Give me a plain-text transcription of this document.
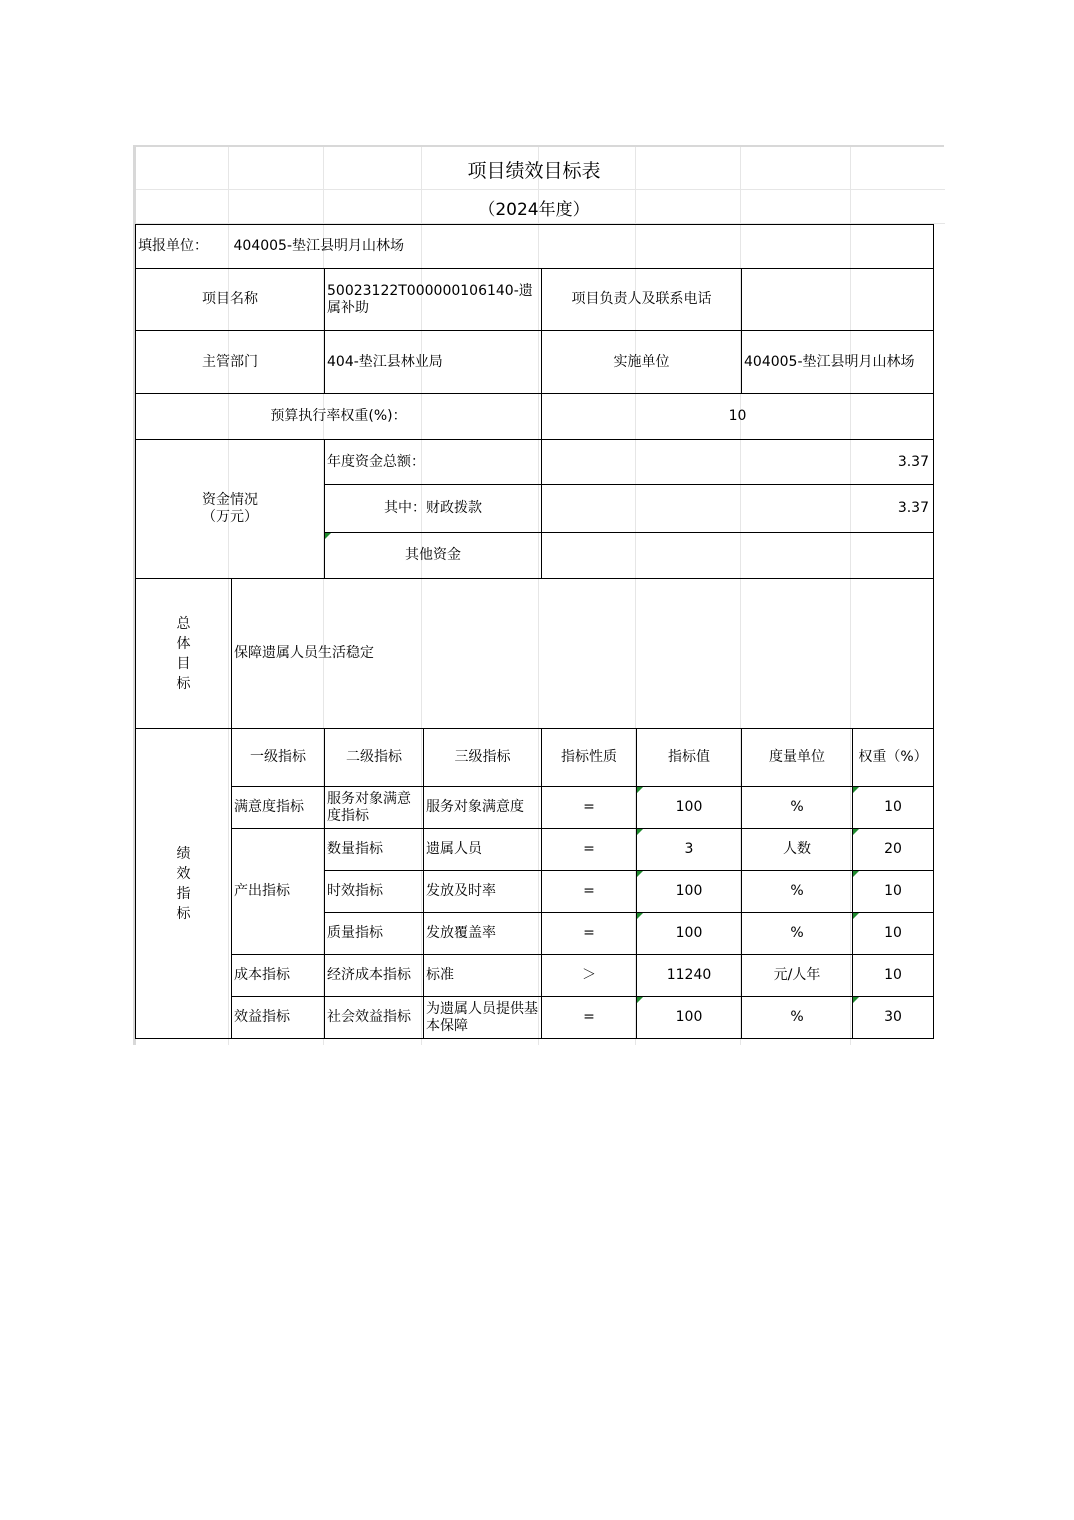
项目绩效目标表
（2024年度）
填报单位：	404005-垫江县明月山林场						
项目名称		50023122T000000106140-遗属补助		项目负责人及联系电话			
主管部门		404-垫江县林业局		实施单位		404005-垫江县明月山林场	
预算执行率权重(%)：				10			
资金情况（万元）		年度资金总额：		3.37			
		其中：财政拨款		3.37			
		其他资金					
总体目标	保障遗属人员生活稳定						
绩效指标	一级指标	二级指标	三级指标	指标性质	指标值	度量单位	权重（%）
	满意度指标	服务对象满意度指标	服务对象满意度	=	100	%	10
	产出指标	数量指标	遗属人员	=	3	人数	20
		时效指标	发放及时率	=	100	%	10
		质量指标	发放覆盖率	=	100	%	10
	成本指标	经济成本指标	标准	＞	11240	元/人年	10
	效益指标	社会效益指标	为遗属人员提供基本保障	=	100	%	30
